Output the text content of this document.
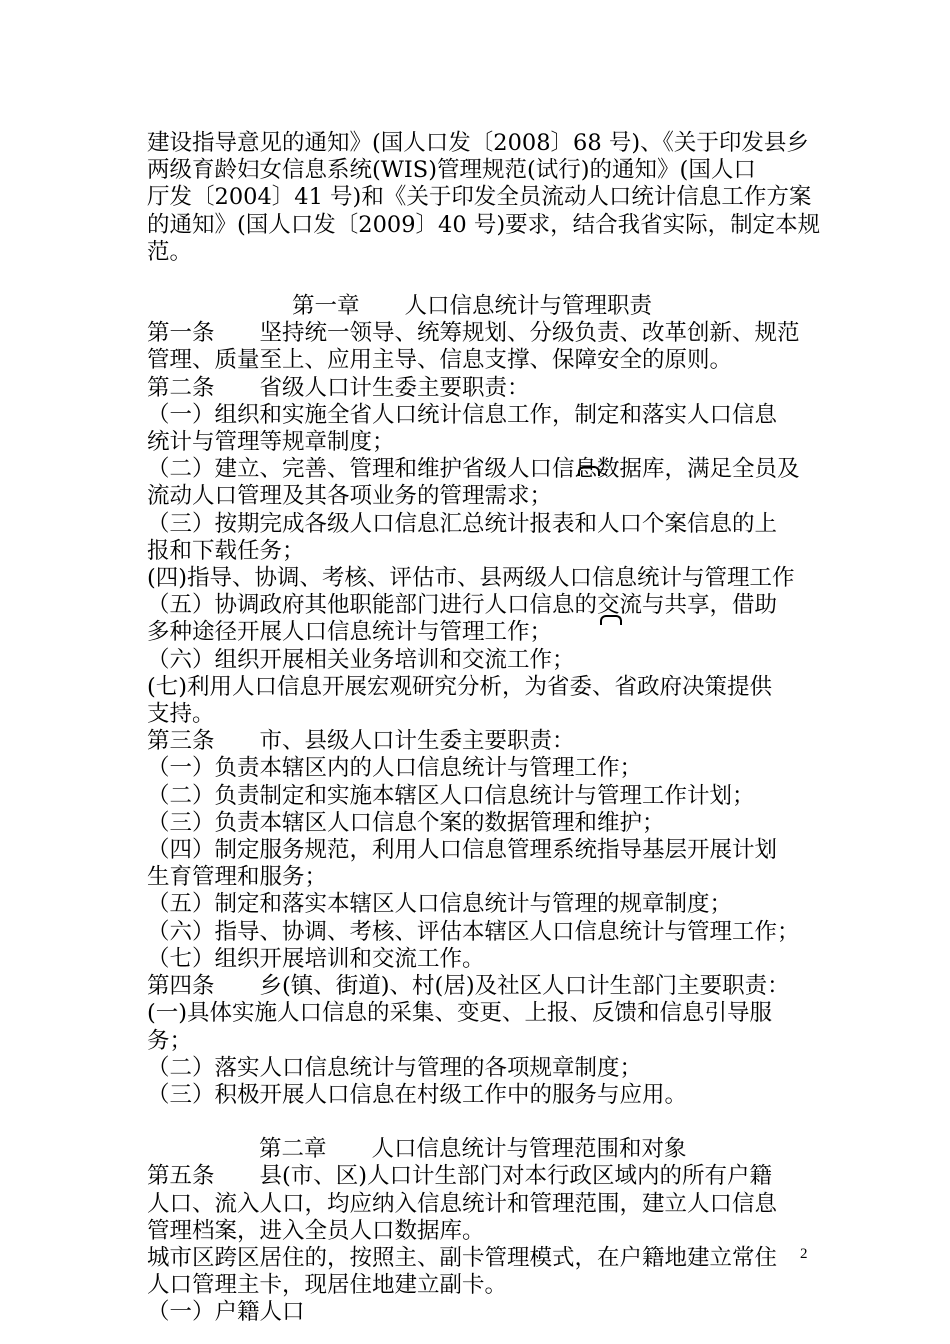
建设指导意见的通知》(国人口发〔2008〕68 号)、《关于印发县乡
两级育龄妇女信息系统(WIS)管理规范(试行)的通知》(国人口
厅发〔2004〕41 号)和《关于印发全员流动人口统计信息工作方案
的通知》(国人口发〔2009〕40 号)要求，结合我省实际，制定本规
范。
第一章　　人口信息统计与管理职责
第一条　　坚持统一领导、统筹规划、分级负责、改革创新、规范
管理、质量至上、应用主导、信息支撑、保障安全的原则。
第二条　　省级人口计生委主要职责：
（一）组织和实施全省人口统计信息工作，制定和落实人口信息
统计与管理等规章制度；
（二）建立、完善、管理和维护省级人口信息数据库，满足全员及
流动人口管理及其各项业务的管理需求；
（三）按期完成各级人口信息汇总统计报表和人口个案信息的上
报和下载任务；
(四)指导、协调、考核、评估市、县两级人口信息统计与管理工作
（五）协调政府其他职能部门进行人口信息的交流与共享，借助
多种途径开展人口信息统计与管理工作；
（六）组织开展相关业务培训和交流工作；
(七)利用人口信息开展宏观研究分析，为省委、省政府决策提供
支持。
第三条　　市、县级人口计生委主要职责：
（一）负责本辖区内的人口信息统计与管理工作；
（二）负责制定和实施本辖区人口信息统计与管理工作计划；
（三）负责本辖区人口信息个案的数据管理和维护；
（四）制定服务规范，利用人口信息管理系统指导基层开展计划
生育管理和服务；
（五）制定和落实本辖区人口信息统计与管理的规章制度；
（六）指导、协调、考核、评估本辖区人口信息统计与管理工作；
（七）组织开展培训和交流工作。
第四条　　乡(镇、街道)、村(居)及社区人口计生部门主要职责：
(一)具体实施人口信息的采集、变更、上报、反馈和信息引导服
务；
（二）落实人口信息统计与管理的各项规章制度；
（三）积极开展人口信息在村级工作中的服务与应用。
第二章　　人口信息统计与管理范围和对象
第五条　　县(市、区)人口计生部门对本行政区域内的所有户籍
人口、流入人口，均应纳入信息统计和管理范围，建立人口信息
管理档案，进入全员人口数据库。
城市区跨区居住的，按照主、副卡管理模式，在户籍地建立常住
人口管理主卡，现居住地建立副卡。
（一）户籍人口
2
